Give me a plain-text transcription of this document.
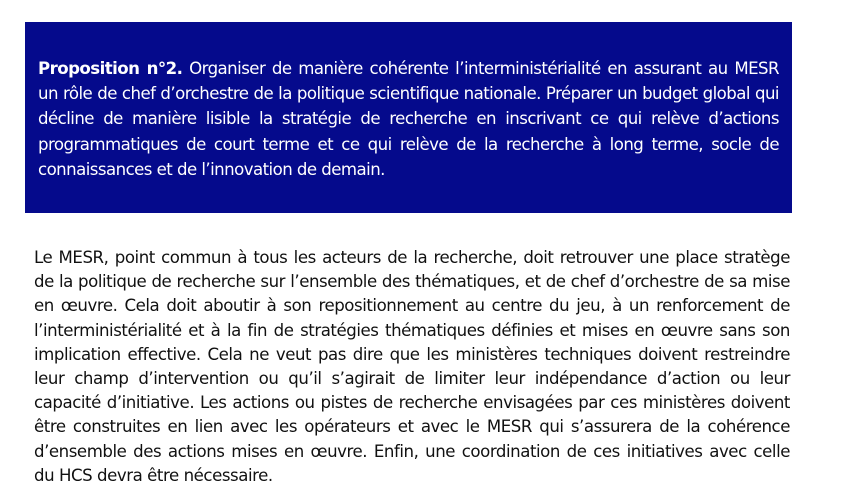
Proposition n°2. Organiser de manière cohérente l’interministérialité en assurant au MESR un rôle de chef d’orchestre de la politique scientifique nationale. Préparer un budget global qui décline de manière lisible la stratégie de recherche en inscrivant ce qui relève d’actions programmatiques de court terme et ce qui relève de la recherche à long terme, socle de connaissances et de l’innovation de demain.

Le MESR, point commun à tous les acteurs de la recherche, doit retrouver une place stratège de la politique de recherche sur l’ensemble des thématiques, et de chef d’orchestre de sa mise en œuvre. Cela doit aboutir à son repositionnement au centre du jeu, à un renforcement de l’interministérialité et à la fin de stratégies thématiques définies et mises en œuvre sans son implication effective. Cela ne veut pas dire que les ministères techniques doivent restreindre leur champ d’intervention ou qu’il s’agirait de limiter leur indépendance d’action ou leur capacité d’initiative. Les actions ou pistes de recherche envisagées par ces ministères doivent être construites en lien avec les opérateurs et avec le MESR qui s’assurera de la cohérence d’ensemble des actions mises en œuvre. Enfin, une coordination de ces initiatives avec celle du HCS devra être nécessaire.
